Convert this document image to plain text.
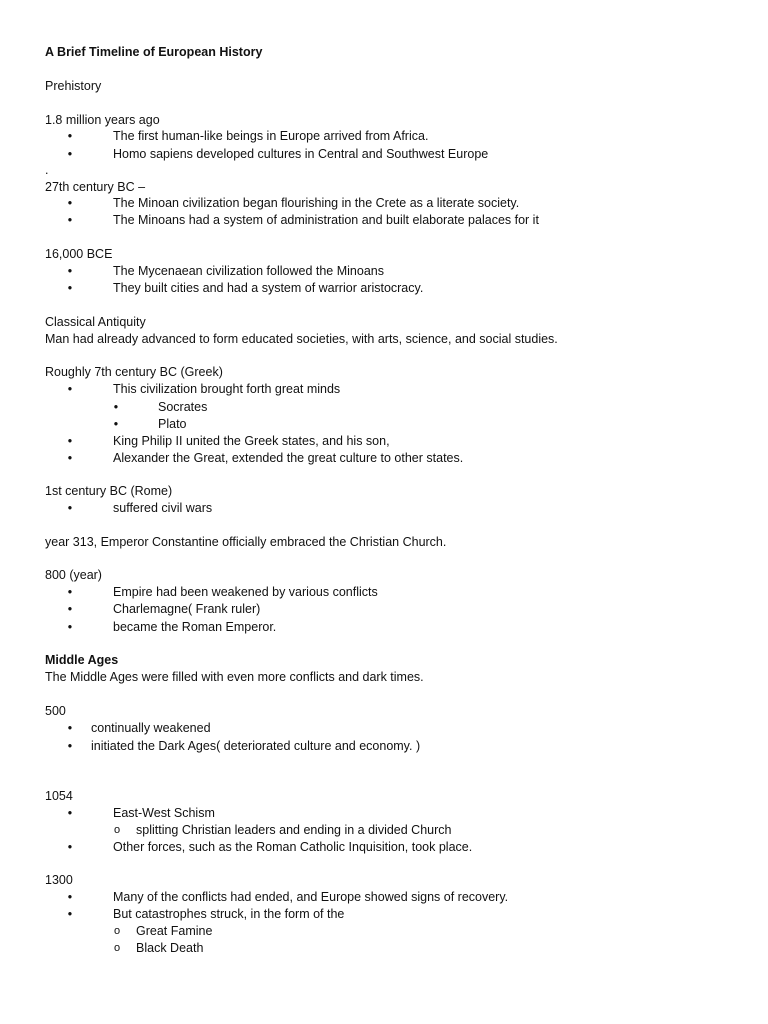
A Brief Timeline of European History
Prehistory
1.8 million years ago
•	The first human-like beings in Europe arrived from Africa.
•	Homo sapiens developed cultures in Central and Southwest Europe
.
27th century BC –
•	The Minoan civilization began flourishing in the Crete as a literate society.
•	The Minoans had a system of administration and built elaborate palaces for it
16,000 BCE
•	The Mycenaean civilization followed the Minoans
•	They built cities and had a system of warrior aristocracy.
Classical Antiquity
Man had already advanced to form educated societies, with arts, science, and social studies.
Roughly 7th century BC (Greek)
•	This civilization brought forth great minds
•	Socrates
•	Plato
•	King Philip II united the Greek states, and his son,
•	Alexander the Great, extended the great culture to other states.
1st century BC (Rome)
•	suffered civil wars
year 313, Emperor Constantine officially embraced the Christian Church.
800 (year)
•	Empire had been weakened by various conflicts
•	Charlemagne( Frank ruler)
•	became the Roman Emperor.
Middle Ages
The Middle Ages were filled with even more conflicts and dark times.
500
• continually weakened
• initiated the Dark Ages( deteriorated culture and economy. )
1054
•	East-West Schism
o splitting Christian leaders and ending in a divided Church
•	Other forces, such as the Roman Catholic Inquisition, took place.
1300
•	Many of the conflicts had ended, and Europe showed signs of recovery.
•	But catastrophes struck, in the form of the
o Great Famine
o Black Death
